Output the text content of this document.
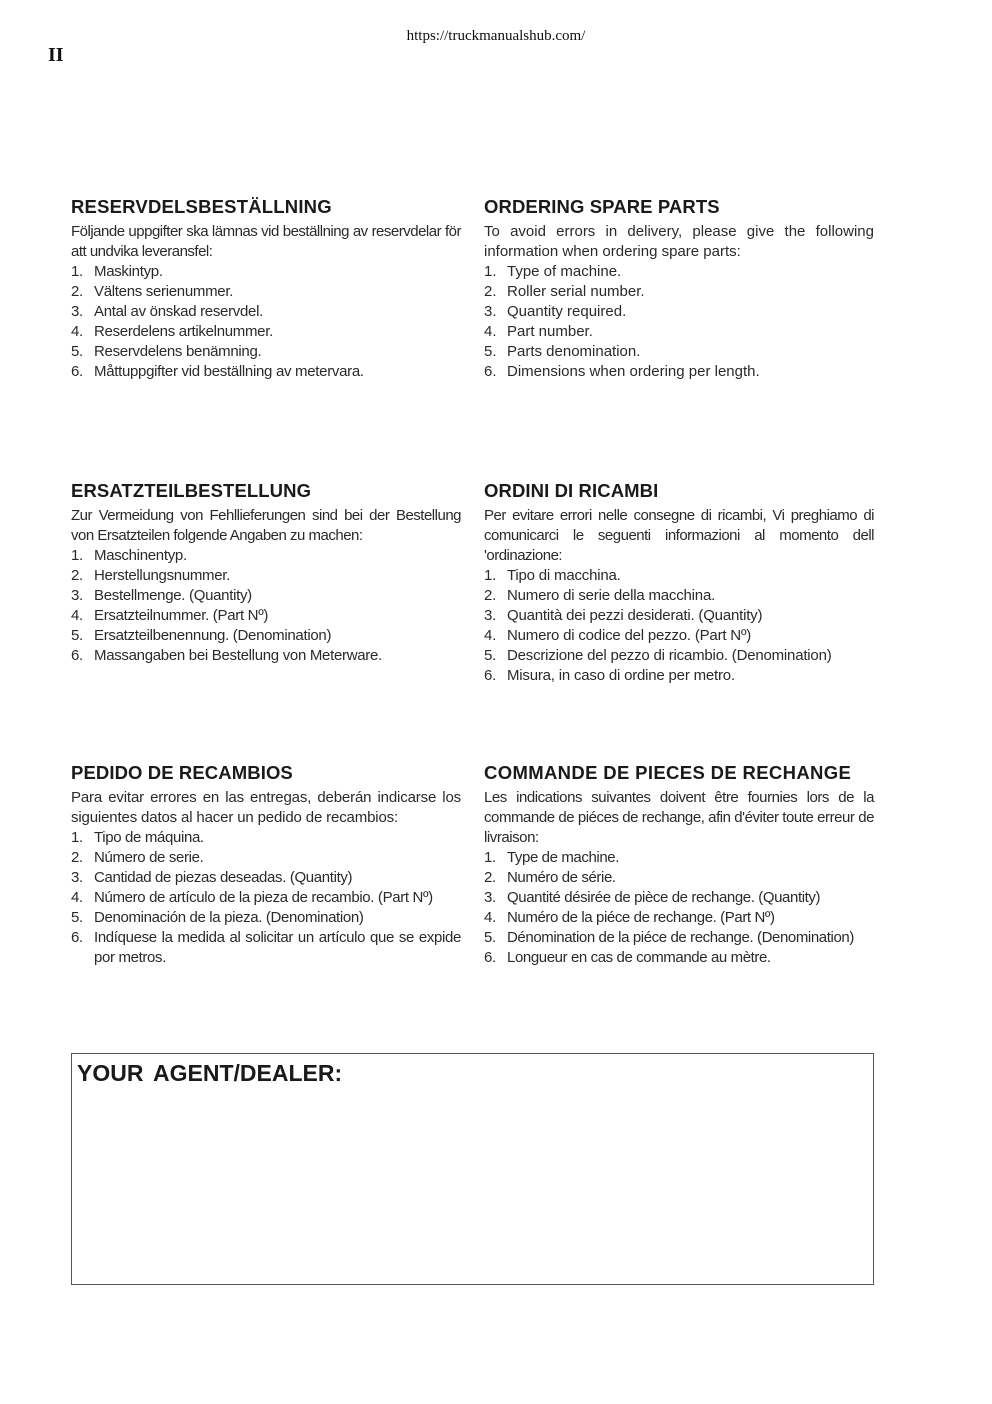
https://truckmanualshub.com/
II
RESERVDELSBESTÄLLNING

Följande uppgifter ska lämnas vid beställning av reservdelar för att undvika leveransfel:

1. Maskintyp.
2. Vältens serienummer.
3. Antal av önskad reservdel.
4. Reserdelens artikelnummer.
5. Reservdelens benämning.
6. Måttuppgifter vid beställning av metervara.
ORDERING SPARE PARTS

To avoid errors in delivery, please give the following information when ordering spare parts:

1. Type of machine.
2. Roller serial number.
3. Quantity required.
4. Part number.
5. Parts denomination.
6. Dimensions when ordering per length.
ERSATZTEILBESTELLUNG

Zur Vermeidung von Fehllieferungen sind bei der Bestellung von Ersatzteilen folgende Angaben zu machen:

1. Maschinentyp.
2. Herstellungsnummer.
3. Bestellmenge. (Quantity)
4. Ersatzteilnummer. (Part Nº)
5. Ersatzteilbenennung. (Denomination)
6. Massangaben bei Bestellung von Meterware.
ORDINI DI RICAMBI

Per evitare errori nelle consegne di ricambi, Vi preghiamo di comunicarci le seguenti informazioni al momento dell 'ordinazione:

1. Tipo di macchina.
2. Numero di serie della macchina.
3. Quantità dei pezzi desiderati. (Quantity)
4. Numero di codice del pezzo. (Part Nº)
5. Descrizione del pezzo di ricambio. (Denomination)
6. Misura, in caso di ordine per metro.
PEDIDO DE RECAMBIOS

Para evitar errores en las entregas, deberán indicarse los siguientes datos al hacer un pedido de recambios:

1. Tipo de máquina.
2. Número de serie.
3. Cantidad de piezas deseadas. (Quantity)
4. Número de artículo de la pieza de recambio. (Part Nº)
5. Denominación de la pieza. (Denomination)
6. Indíquese la medida al solicitar un artículo que se expide por metros.
COMMANDE DE PIECES DE RECHANGE

Les indications suivantes doivent être fournies lors de la commande de piéces de rechange, afin d'éviter toute erreur de livraison:

1. Type de machine.
2. Numéro de série.
3. Quantité désirée de pièce de rechange. (Quantity)
4. Numéro de la piéce de rechange. (Part Nº)
5. Dénomination de la piéce de rechange. (Denomination)
6. Longueur en cas de commande au mètre.
YOUR AGENT/DEALER:
